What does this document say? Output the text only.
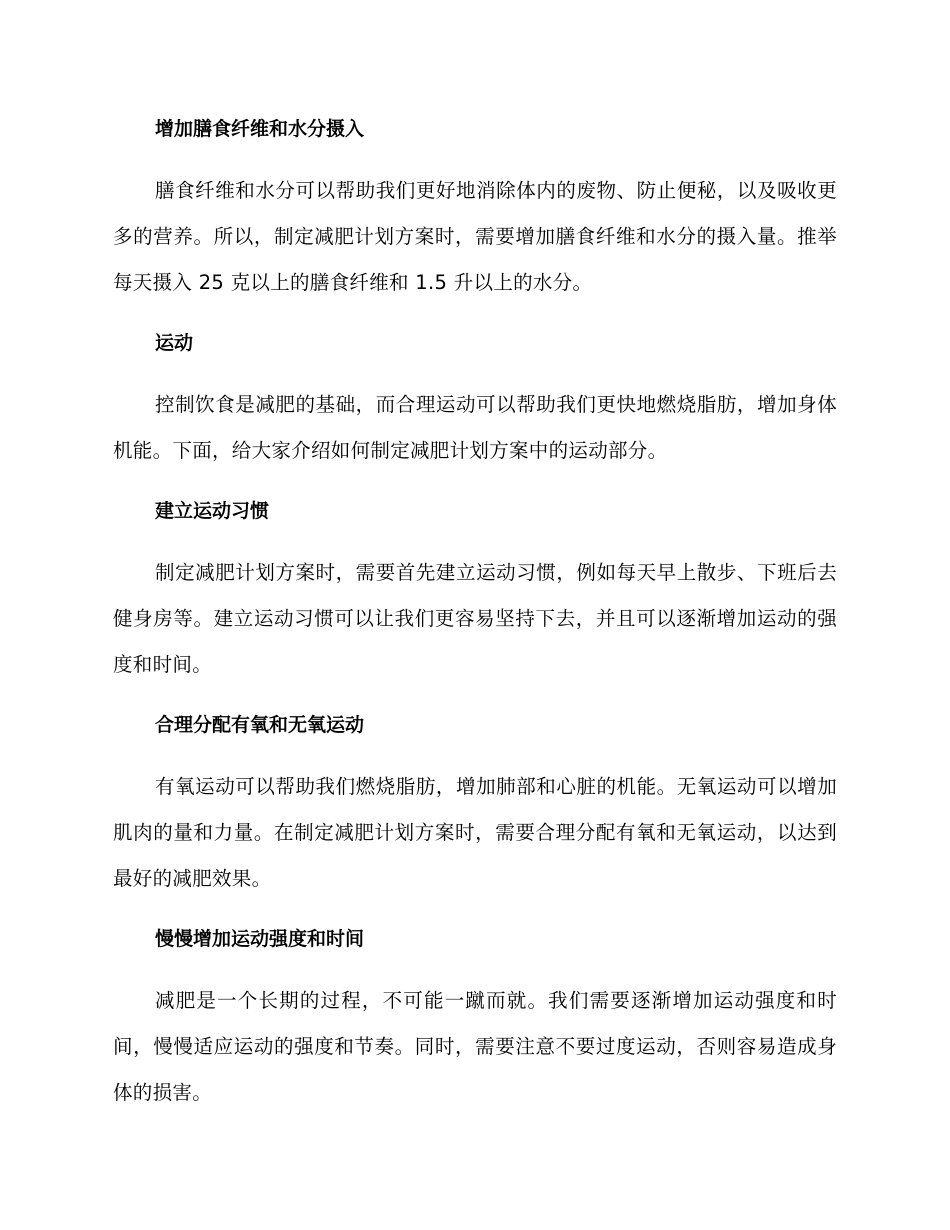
增加膳食纤维和水分摄入

膳食纤维和水分可以帮助我们更好地消除体内的废物、防止便秘，以及吸收更多的营养。所以，制定减肥计划方案时，需要增加膳食纤维和水分的摄入量。推举每天摄入 25 克以上的膳食纤维和 1.5 升以上的水分。

运动

控制饮食是减肥的基础，而合理运动可以帮助我们更快地燃烧脂肪，增加身体机能。下面，给大家介绍如何制定减肥计划方案中的运动部分。

建立运动习惯

制定减肥计划方案时，需要首先建立运动习惯，例如每天早上散步、下班后去健身房等。建立运动习惯可以让我们更容易坚持下去，并且可以逐渐增加运动的强度和时间。

合理分配有氧和无氧运动

有氧运动可以帮助我们燃烧脂肪，增加肺部和心脏的机能。无氧运动可以增加肌肉的量和力量。在制定减肥计划方案时，需要合理分配有氧和无氧运动，以达到最好的减肥效果。

慢慢增加运动强度和时间

减肥是一个长期的过程，不可能一蹴而就。我们需要逐渐增加运动强度和时间，慢慢适应运动的强度和节奏。同时，需要注意不要过度运动，否则容易造成身体的损害。
